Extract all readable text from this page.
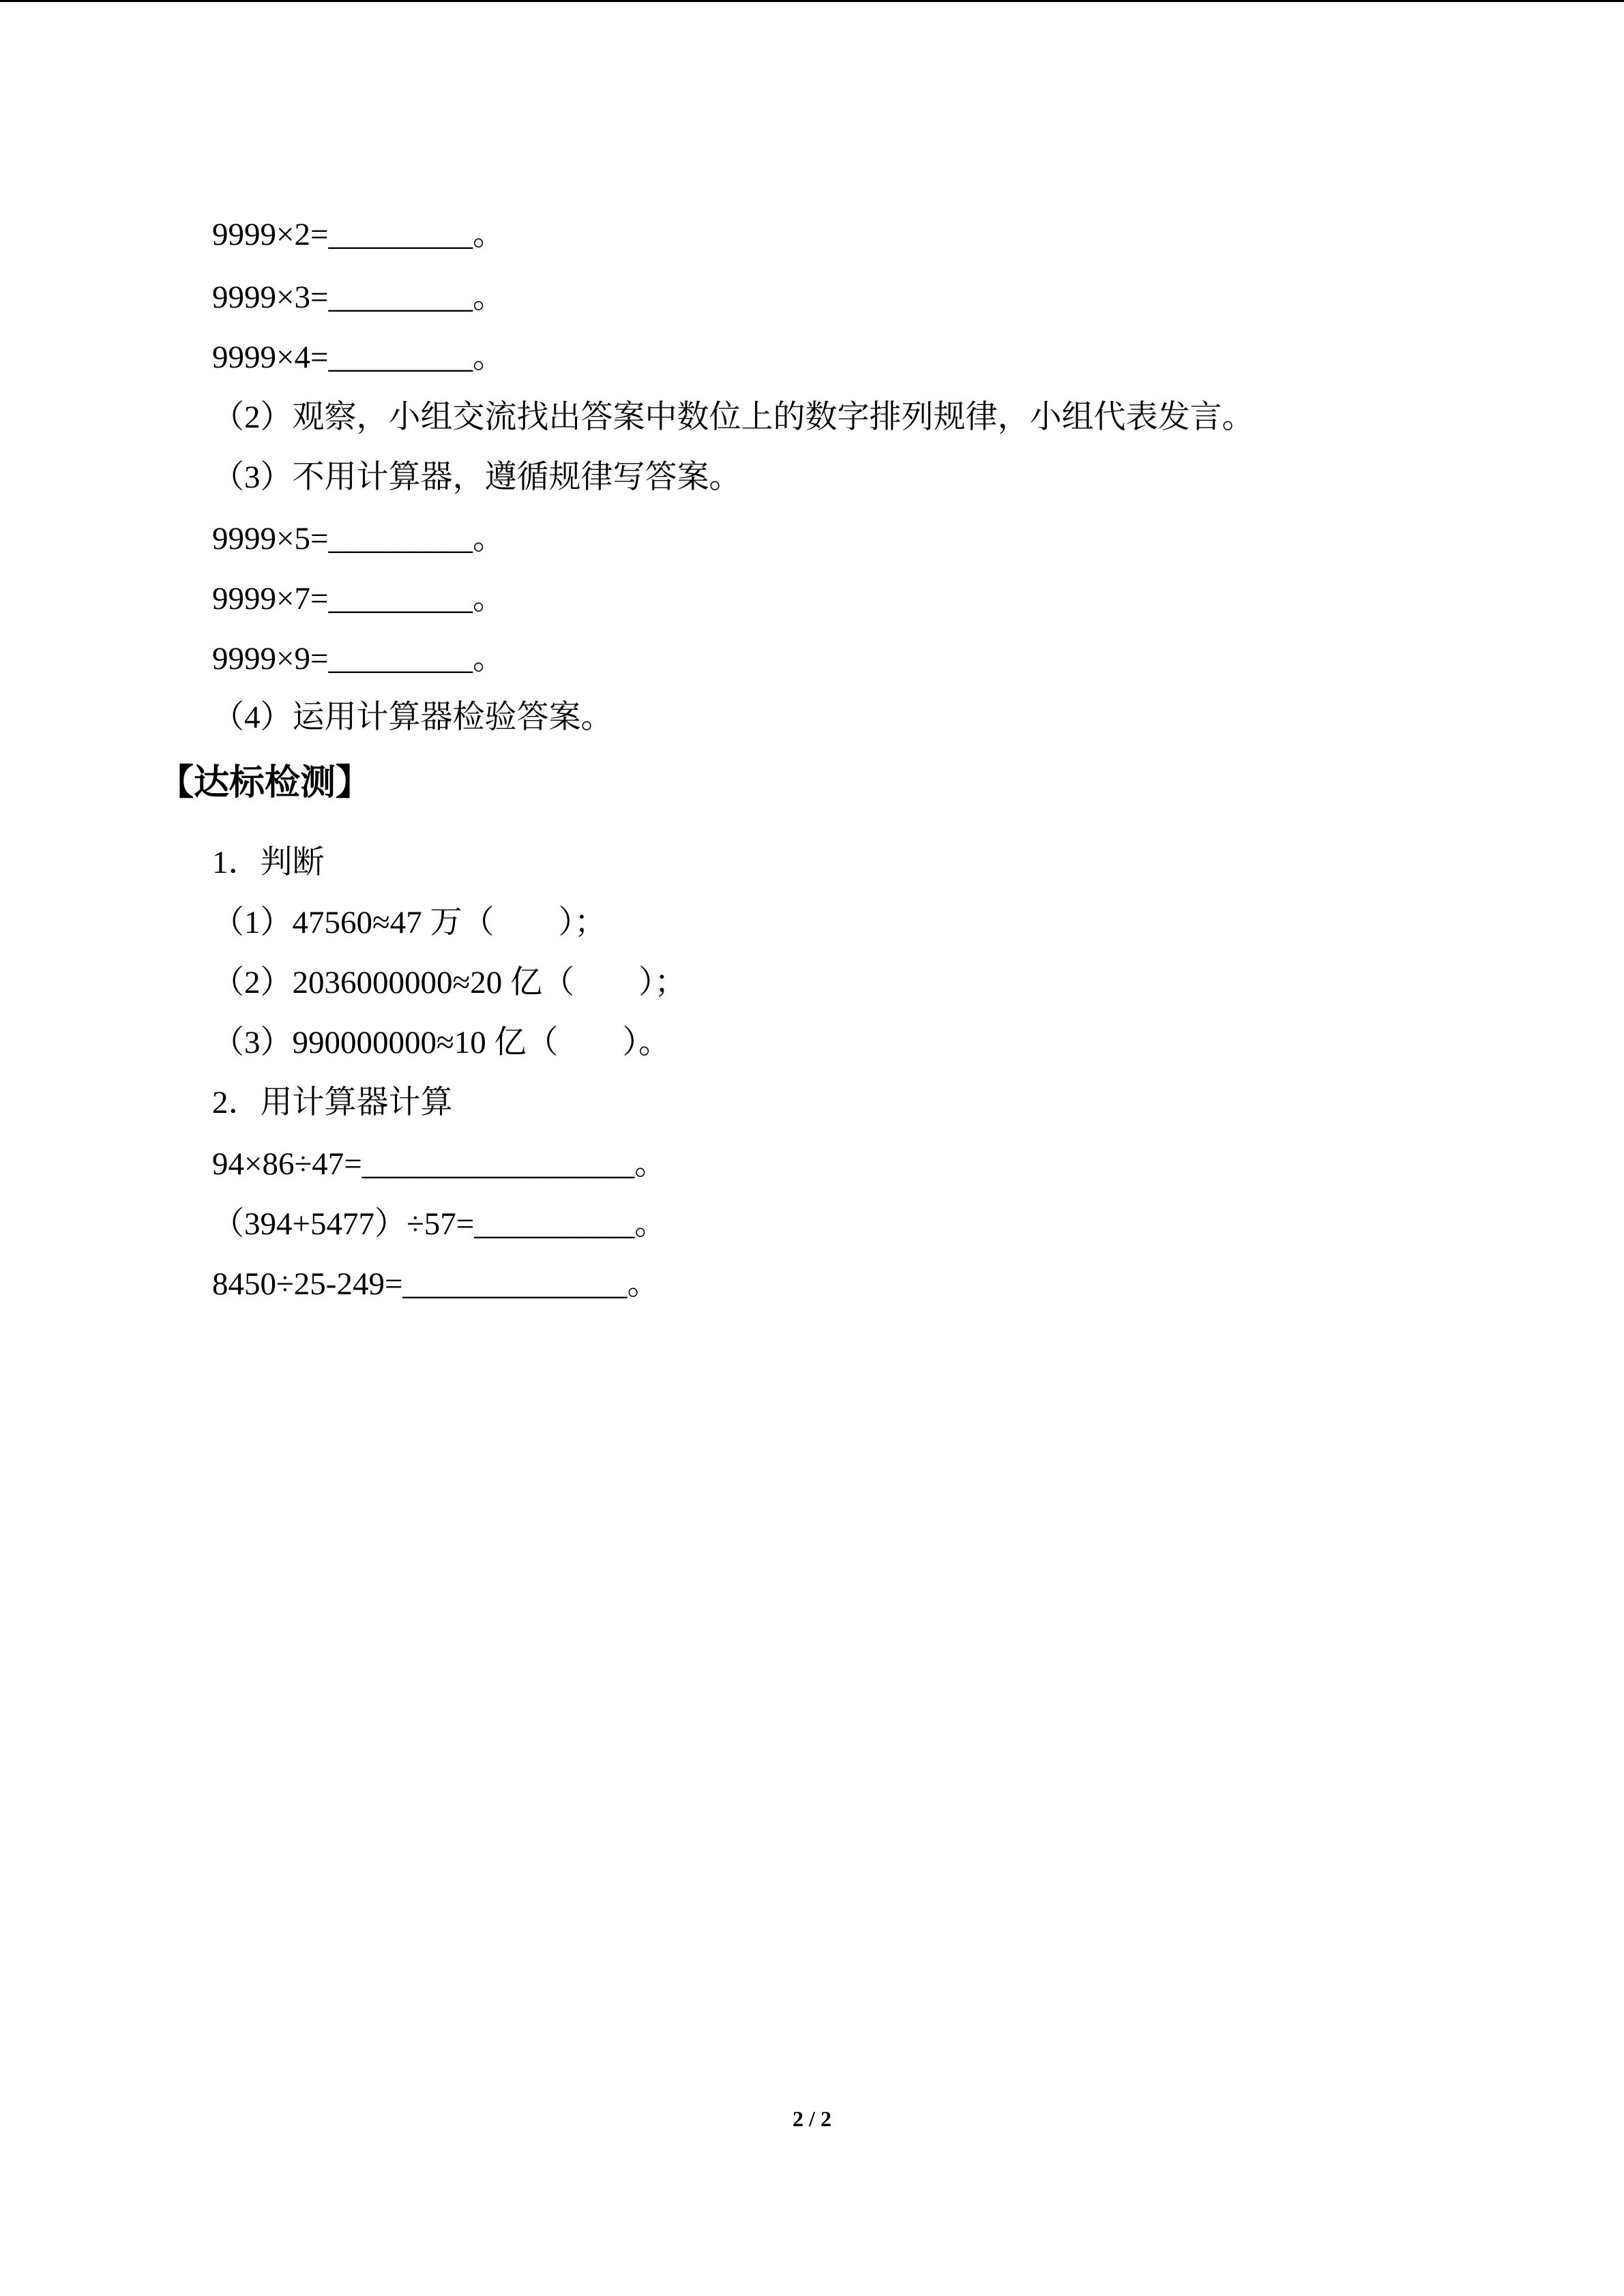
9999×2=_________。
9999×3=_________。
9999×4=_________。
（2）观察，小组交流找出答案中数位上的数字排列规律，小组代表发言。
（3）不用计算器，遵循规律写答案。
9999×5=_________。
9999×7=_________。
9999×9=_________。
（4）运用计算器检验答案。
【达标检测】
1．判断
（1）47560≈47 万（　　）；
（2）2036000000≈20 亿（　　）；
（3）990000000≈10 亿（　　）。
2．用计算器计算
94×86÷47=_________________。
（394+5477）÷57=__________。
8450÷25-249=______________。
2 / 2
